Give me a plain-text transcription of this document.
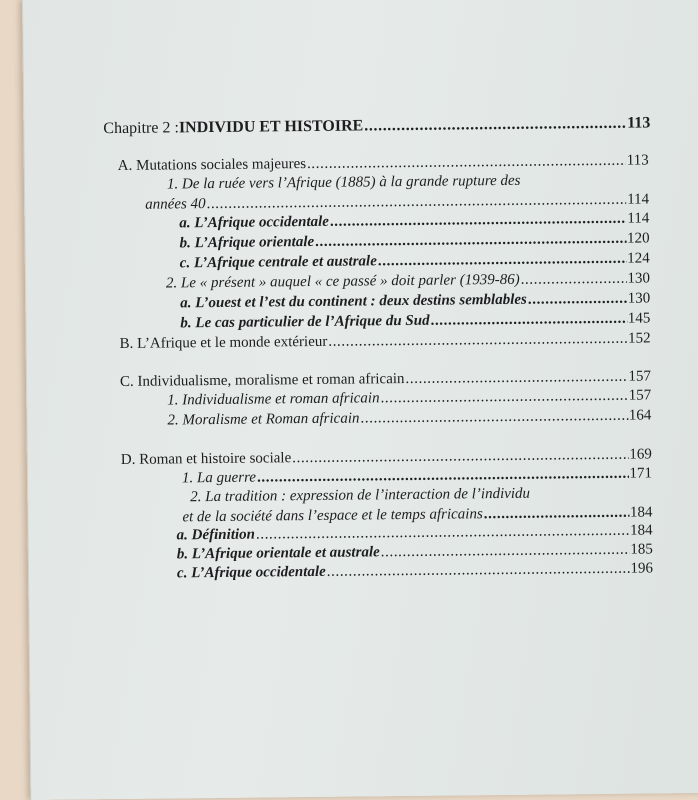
Chapitre 2 : INDIVIDU ET HISTOIRE .....	113
A. Mutations sociales majeures .....	113
1. De la ruée vers l’Afrique (1885) à la grande rupture des
années 40 .....	114
a. L’Afrique occidentale .....	114
b. L’Afrique orientale .....	120
c. L’Afrique centrale et australe .....	124
2. Le « présent » auquel « ce passé » doit parler (1939-86) .....	130
a. L’ouest et l’est du continent : deux destins semblables .....	130
b. Le cas particulier de l’Afrique du Sud .....	145
B. L’Afrique et le monde extérieur .....	152
C. Individualisme, moralisme et roman africain .....	157
1. Individualisme et roman africain .....	157
2. Moralisme et Roman africain .....	164
D. Roman et histoire sociale .....	169
1. La guerre .....	171
2. La tradition : expression de l’interaction de l’individu
et de la société dans l’espace et le temps africains .....	184
a. Définition .....	184
b. L’Afrique orientale et australe .....	185
c. L’Afrique occidentale .....	196
